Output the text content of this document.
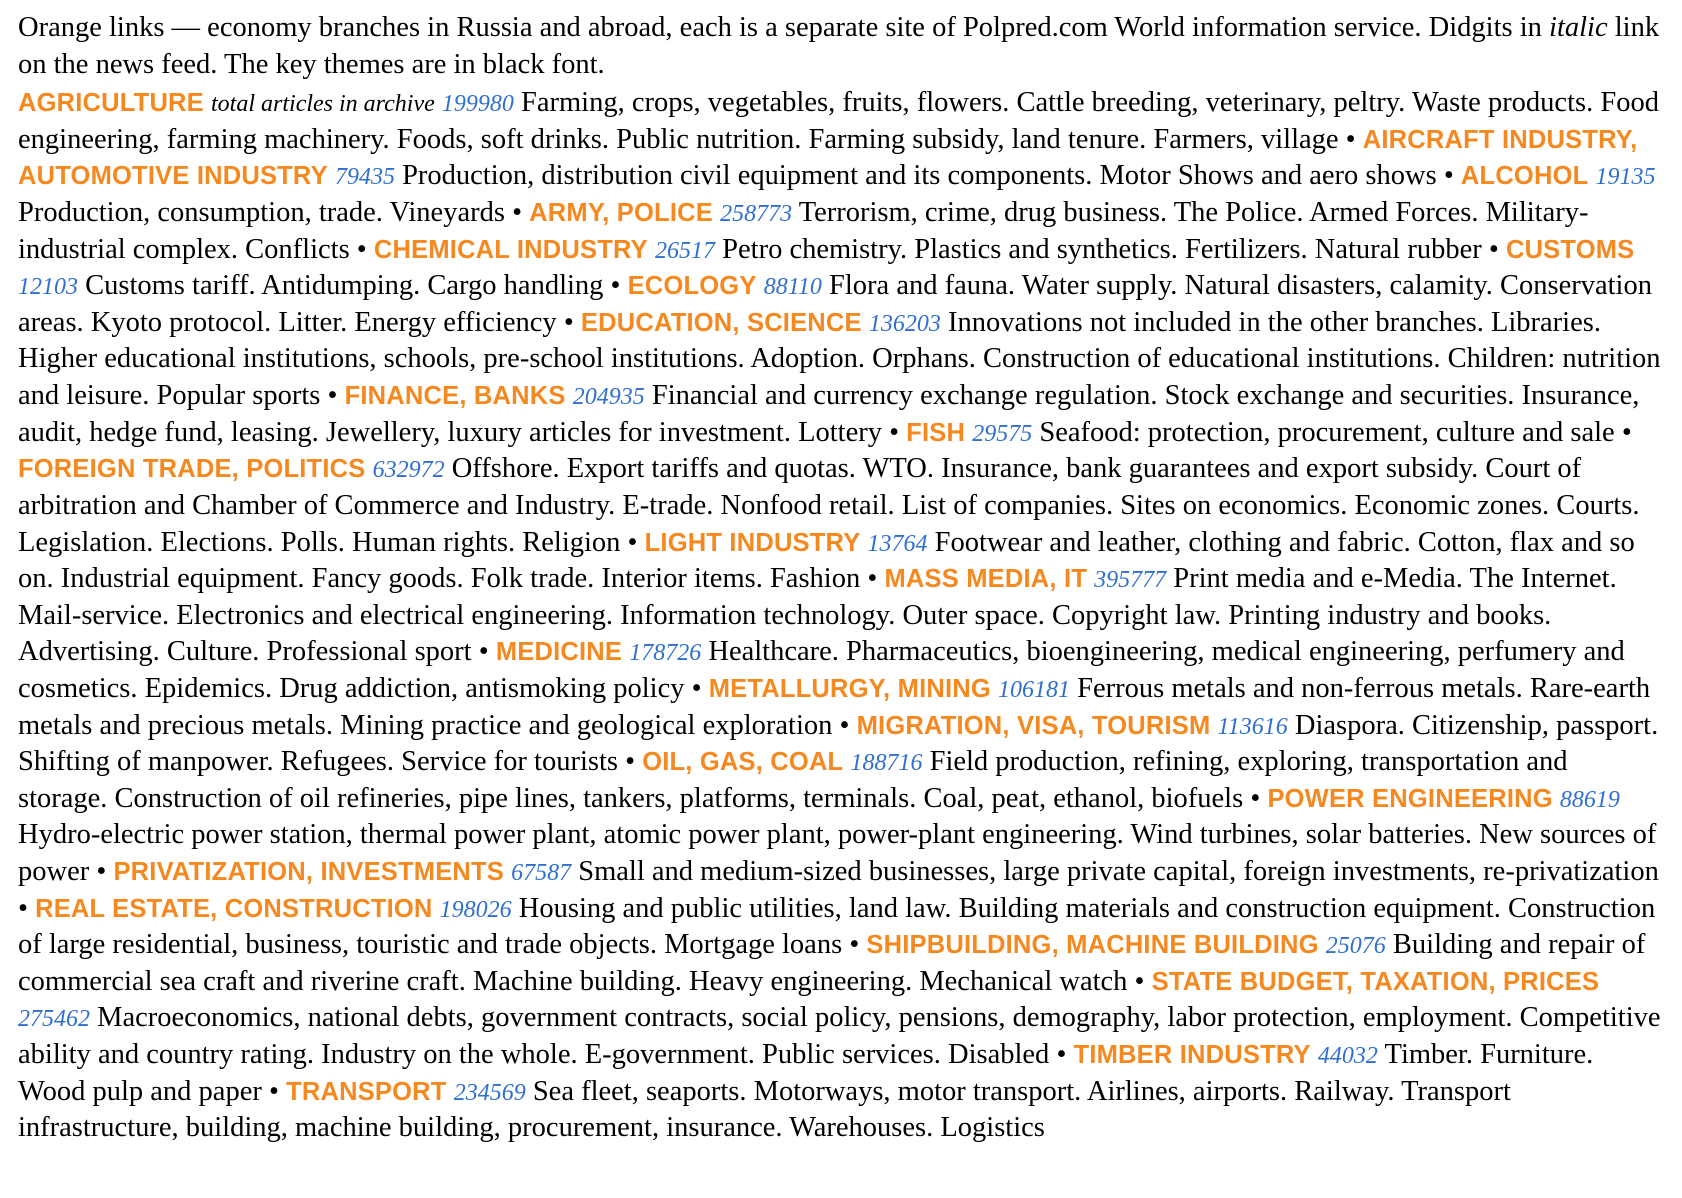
Orange links — economy branches in Russia and abroad, each is a separate site of Polpred.com World information service. Didgits in italic link on the news feed. The key themes are in black font.

AGRICULTURE total articles in archive 199980 Farming, crops, vegetables, fruits, flowers. Cattle breeding, veterinary, peltry. Waste products. Food engineering, farming machinery. Foods, soft drinks. Public nutrition. Farming subsidy, land tenure. Farmers, village • AIRCRAFT INDUSTRY, AUTOMOTIVE INDUSTRY 79435 Production, distribution civil equipment and its components. Motor Shows and aero shows • ALCOHOL 19135 Production, consumption, trade. Vineyards • ARMY, POLICE 258773 Terrorism, crime, drug business. The Police. Armed Forces. Military-industrial complex. Conflicts • CHEMICAL INDUSTRY 26517 Petro chemistry. Plastics and synthetics. Fertilizers. Natural rubber • CUSTOMS 12103 Customs tariff. Antidumping. Cargo handling • ECOLOGY 88110 Flora and fauna. Water supply. Natural disasters, calamity. Conservation areas. Kyoto protocol. Litter. Energy efficiency • EDUCATION, SCIENCE 136203 Innovations not included in the other branches. Libraries. Higher educational institutions, schools, pre-school institutions. Adoption. Orphans. Construction of educational institutions. Children: nutrition and leisure. Popular sports • FINANCE, BANKS 204935 Financial and currency exchange regulation. Stock exchange and securities. Insurance, audit, hedge fund, leasing. Jewellery, luxury articles for investment. Lottery • FISH 29575 Seafood: protection, procurement, culture and sale • FOREIGN TRADE, POLITICS 632972 Offshore. Export tariffs and quotas. WTO. Insurance, bank guarantees and export subsidy. Court of arbitration and Chamber of Commerce and Industry. E-trade. Nonfood retail. List of companies. Sites on economics. Economic zones. Courts. Legislation. Elections. Polls. Human rights. Religion • LIGHT INDUSTRY 13764 Footwear and leather, clothing and fabric. Cotton, flax and so on. Industrial equipment. Fancy goods. Folk trade. Interior items. Fashion • MASS MEDIA, IT 395777 Print media and e-Media. The Internet. Mail-service. Electronics and electrical engineering. Information technology. Outer space. Copyright law. Printing industry and books. Advertising. Culture. Professional sport • MEDICINE 178726 Healthcare. Pharmaceutics, bioengineering, medical engineering, perfumery and cosmetics. Epidemics. Drug addiction, antismoking policy • METALLURGY, MINING 106181 Ferrous metals and non-ferrous metals. Rare-earth metals and precious metals. Mining practice and geological exploration • MIGRATION, VISA, TOURISM 113616 Diaspora. Citizenship, passport. Shifting of manpower. Refugees. Service for tourists • OIL, GAS, COAL 188716 Field production, refining, exploring, transportation and storage. Construction of oil refineries, pipe lines, tankers, platforms, terminals. Coal, peat, ethanol, biofuels • POWER ENGINEERING 88619 Hydro-electric power station, thermal power plant, atomic power plant, power-plant engineering. Wind turbines, solar batteries. New sources of power • PRIVATIZATION, INVESTMENTS 67587 Small and medium-sized businesses, large private capital, foreign investments, re-privatization • REAL ESTATE, CONSTRUCTION 198026 Housing and public utilities, land law. Building materials and construction equipment. Construction of large residential, business, touristic and trade objects. Mortgage loans • SHIPBUILDING, MACHINE BUILDING 25076 Building and repair of commercial sea craft and riverine craft. Machine building. Heavy engineering. Mechanical watch • STATE BUDGET, TAXATION, PRICES 275462 Macroeconomics, national debts, government contracts, social policy, pensions, demography, labor protection, employment. Competitive ability and country rating. Industry on the whole. E-government. Public services. Disabled • TIMBER INDUSTRY 44032 Timber. Furniture. Wood pulp and paper • TRANSPORT 234569 Sea fleet, seaports. Motorways, motor transport. Airlines, airports. Railway. Transport infrastructure, building, machine building, procurement, insurance. Warehouses. Logistics
